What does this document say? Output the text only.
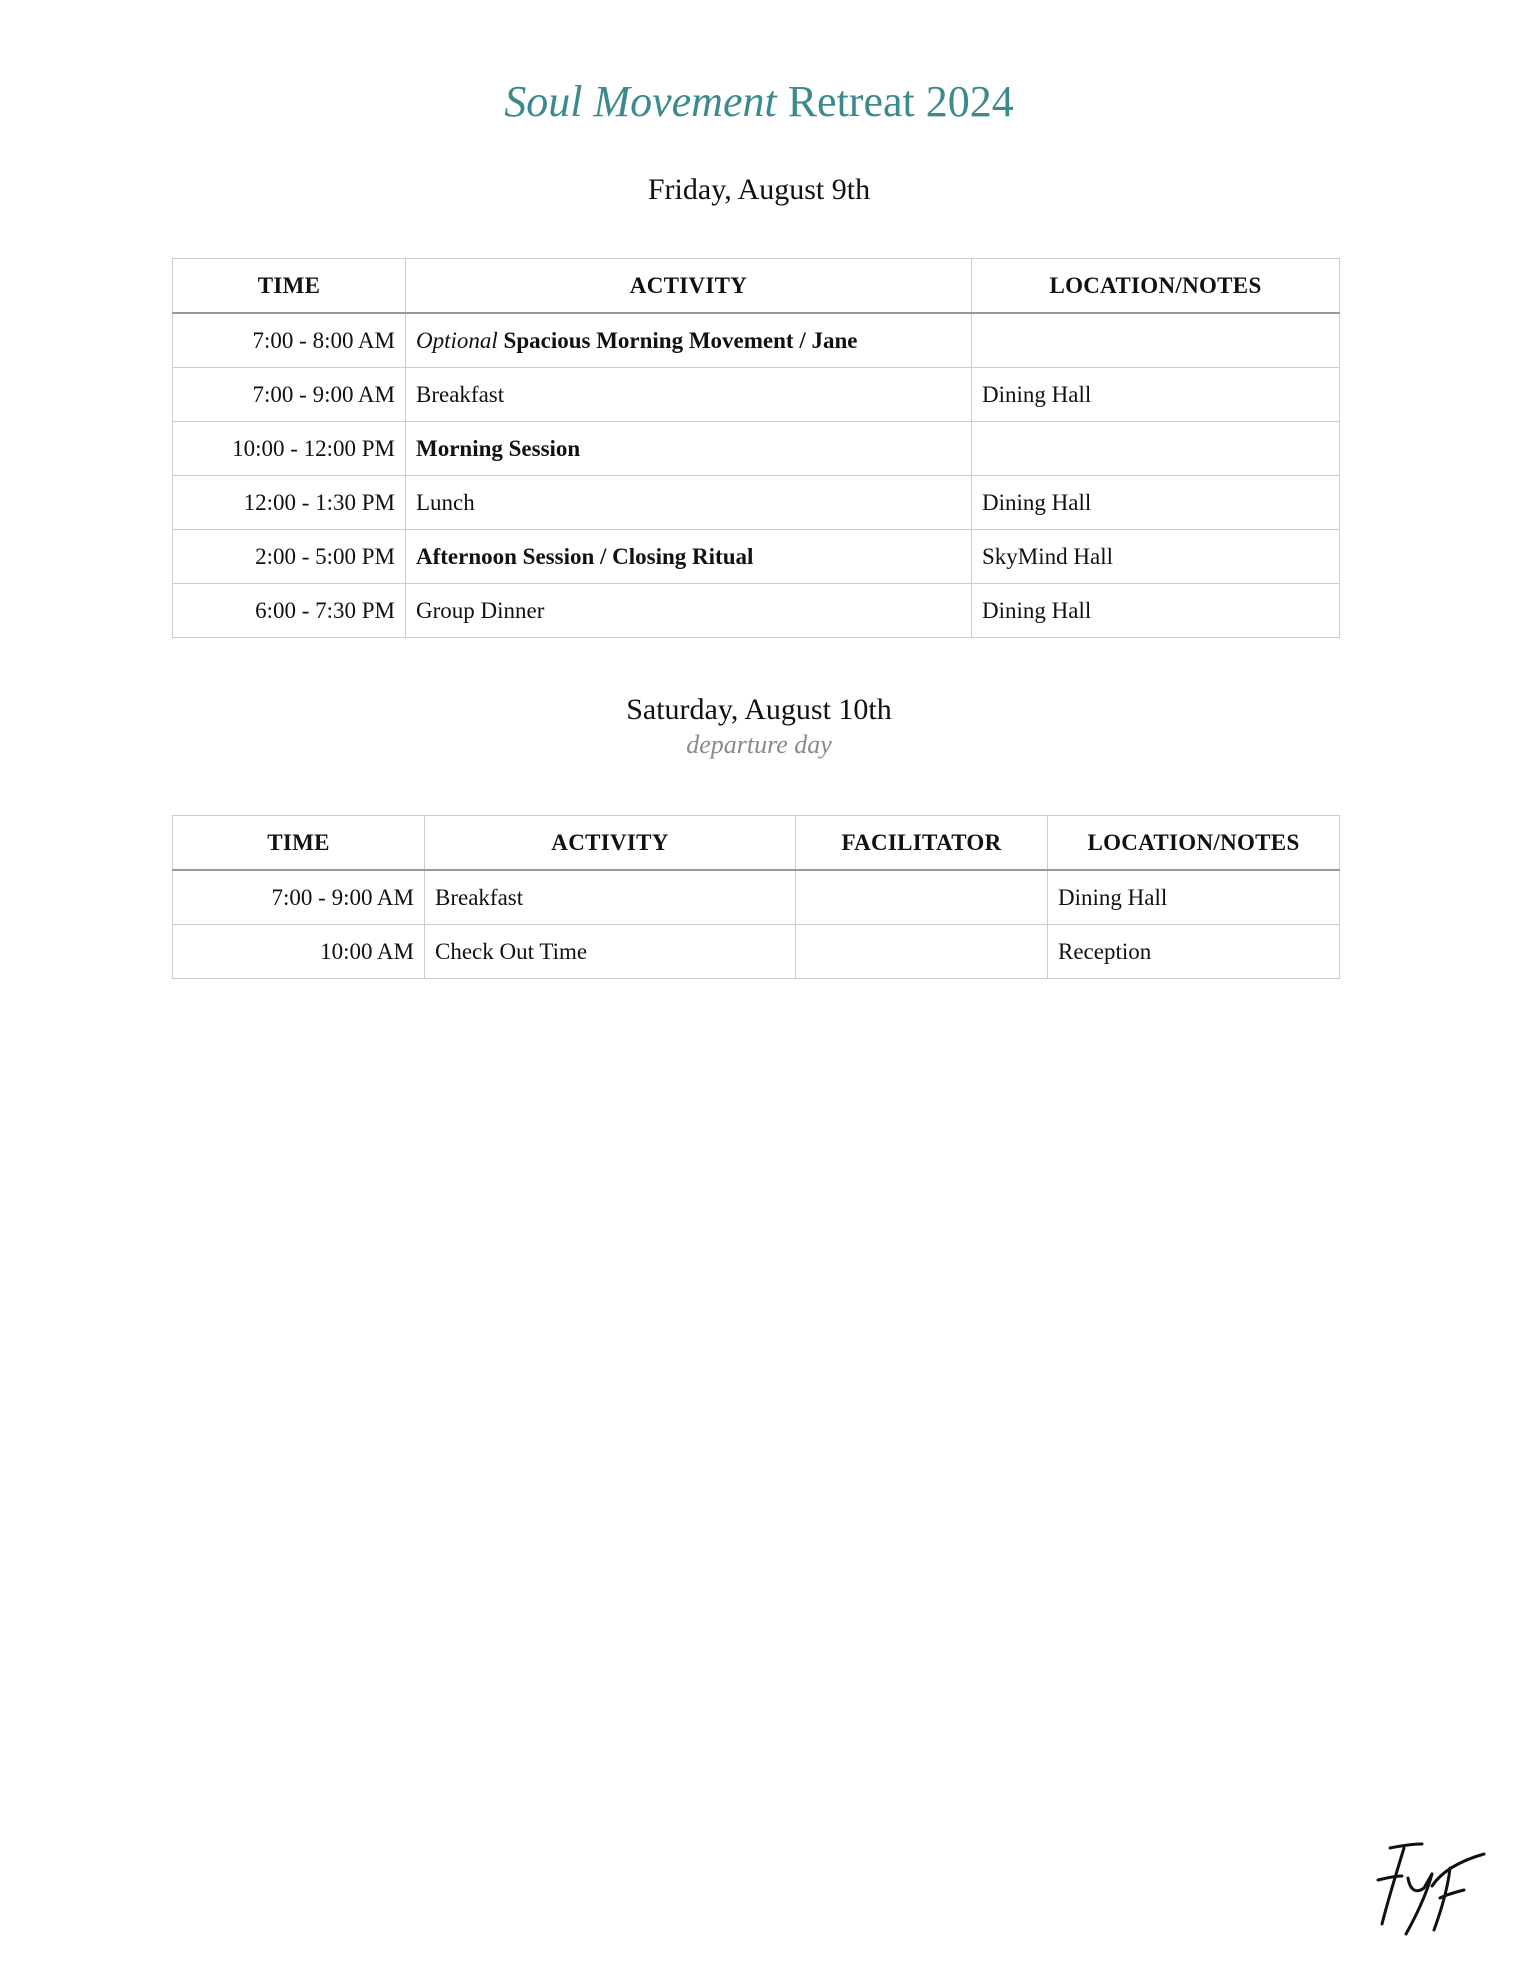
Soul Movement Retreat 2024
Friday, August 9th
TIME	ACTIVITY	LOCATION/NOTES
7:00 - 8:00 AM	Optional Spacious Morning Movement / Jane	
7:00 - 9:00 AM	Breakfast	Dining Hall
10:00 - 12:00 PM	Morning Session	
12:00 - 1:30 PM	Lunch	Dining Hall
2:00 - 5:00 PM	Afternoon Session / Closing Ritual	SkyMind Hall
6:00 - 7:30 PM	Group Dinner	Dining Hall
Saturday, August 10th
departure day
TIME	ACTIVITY	FACILITATOR	LOCATION/NOTES
7:00 - 9:00 AM	Breakfast		Dining Hall
10:00 AM	Check Out Time		Reception
